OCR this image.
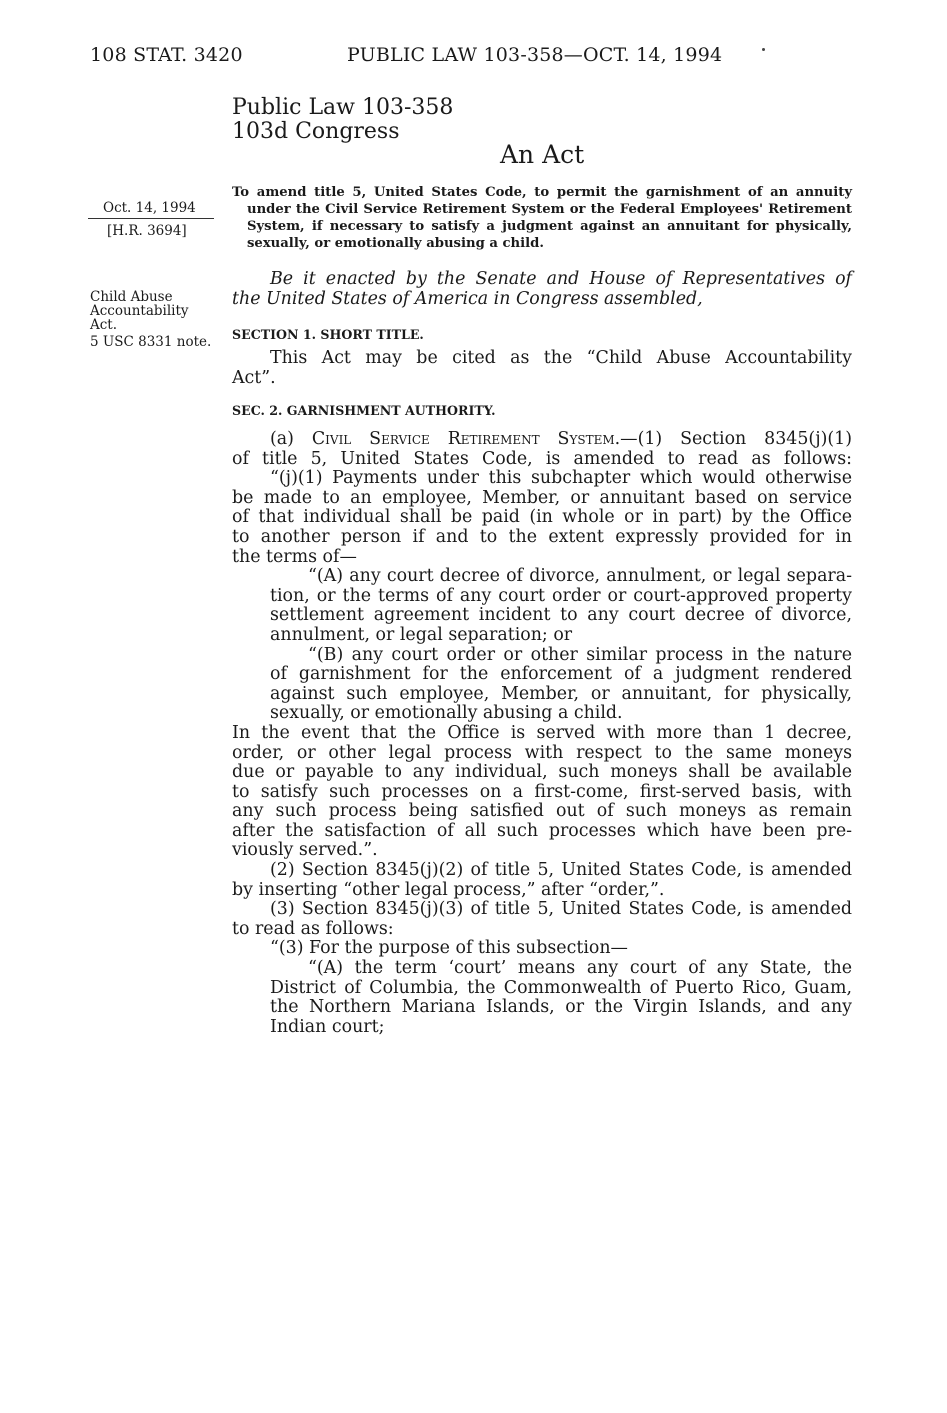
108 STAT. 3420	PUBLIC LAW 103-358—OCT. 14, 1994
Public Law 103-358
103d Congress
An Act
Oct. 14, 1994
[H.R. 3694]
Child Abuse
Accountability
Act.
5 USC 8331 note.
To amend title 5, United States Code, to permit the garnishment of an annuity
under the Civil Service Retirement System or the Federal Employees' Retirement
System, if necessary to satisfy a judgment against an annuitant for physically,
sexually, or emotionally abusing a child.
Be it enacted by the Senate and House of Representatives of
the United States of America in Congress assembled,
SECTION 1. SHORT TITLE.
This Act may be cited as the “Child Abuse Accountability
Act”.
SEC. 2. GARNISHMENT AUTHORITY.
(a) Civil Service Retirement System.—(1) Section 8345(j)(1)
of title 5, United States Code, is amended to read as follows:
“(j)(1) Payments under this subchapter which would otherwise
be made to an employee, Member, or annuitant based on service
of that individual shall be paid (in whole or in part) by the Office
to another person if and to the extent expressly provided for in
the terms of—
“(A) any court decree of divorce, annulment, or legal separa-
tion, or the terms of any court order or court-approved property
settlement agreement incident to any court decree of divorce,
annulment, or legal separation; or
“(B) any court order or other similar process in the nature
of garnishment for the enforcement of a judgment rendered
against such employee, Member, or annuitant, for physically,
sexually, or emotionally abusing a child.
In the event that the Office is served with more than 1 decree,
order, or other legal process with respect to the same moneys
due or payable to any individual, such moneys shall be available
to satisfy such processes on a first-come, first-served basis, with
any such process being satisfied out of such moneys as remain
after the satisfaction of all such processes which have been pre-
viously served.”.
(2) Section 8345(j)(2) of title 5, United States Code, is amended
by inserting “other legal process,” after “order,”.
(3) Section 8345(j)(3) of title 5, United States Code, is amended
to read as follows:
“(3) For the purpose of this subsection—
“(A) the term ‘court’ means any court of any State, the
District of Columbia, the Commonwealth of Puerto Rico, Guam,
the Northern Mariana Islands, or the Virgin Islands, and any
Indian court;
